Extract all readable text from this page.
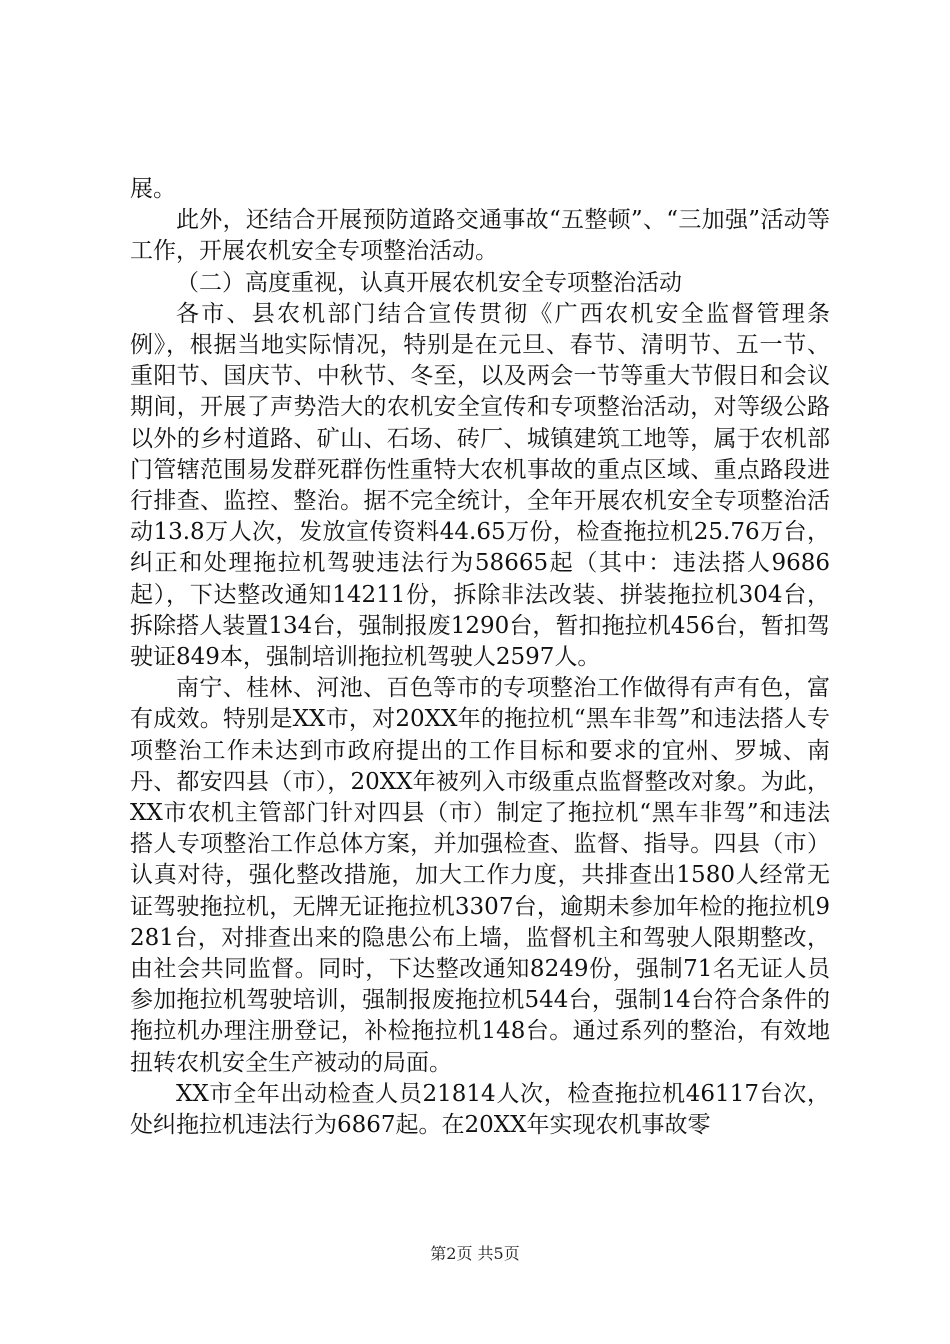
展。

此外，还结合开展预防道路交通事故“五整顿”、“三加强”活动等工作，开展农机安全专项整治活动。

（二）高度重视，认真开展农机安全专项整治活动

各市、县农机部门结合宣传贯彻《广西农机安全监督管理条例》，根据当地实际情况，特别是在元旦、春节、清明节、五一节、重阳节、国庆节、中秋节、冬至，以及两会一节等重大节假日和会议期间，开展了声势浩大的农机安全宣传和专项整治活动，对等级公路以外的乡村道路、矿山、石场、砖厂、城镇建筑工地等，属于农机部门管辖范围易发群死群伤性重特大农机事故的重点区域、重点路段进行排查、监控、整治。据不完全统计，全年开展农机安全专项整治活动13.8万人次，发放宣传资料44.65万份，检查拖拉机25.76万台，纠正和处理拖拉机驾驶违法行为58665起（其中：违法搭人9686起），下达整改通知14211份，拆除非法改装、拼装拖拉机304台，拆除搭人装置134台，强制报废1290台，暂扣拖拉机456台，暂扣驾驶证849本，强制培训拖拉机驾驶人2597人。

南宁、桂林、河池、百色等市的专项整治工作做得有声有色，富有成效。特别是XX市，对20XX年的拖拉机“黑车非驾”和违法搭人专项整治工作未达到市政府提出的工作目标和要求的宜州、罗城、南丹、都安四县（市），20XX年被列入市级重点监督整改对象。为此，XX市农机主管部门针对四县（市）制定了拖拉机“黑车非驾”和违法搭人专项整治工作总体方案，并加强检查、监督、指导。四县（市）认真对待，强化整改措施，加大工作力度，共排查出1580人经常无证驾驶拖拉机，无牌无证拖拉机3307台，逾期未参加年检的拖拉机9281台，对排查出来的隐患公布上墙，监督机主和驾驶人限期整改，由社会共同监督。同时，下达整改通知8249份，强制71名无证人员参加拖拉机驾驶培训，强制报废拖拉机544台，强制14台符合条件的拖拉机办理注册登记，补检拖拉机148台。通过系列的整治，有效地扭转农机安全生产被动的局面。

XX市全年出动检查人员21814人次，检查拖拉机46117台次，处纠拖拉机违法行为6867起。在20XX年实现农机事故零

第2页 共5页
